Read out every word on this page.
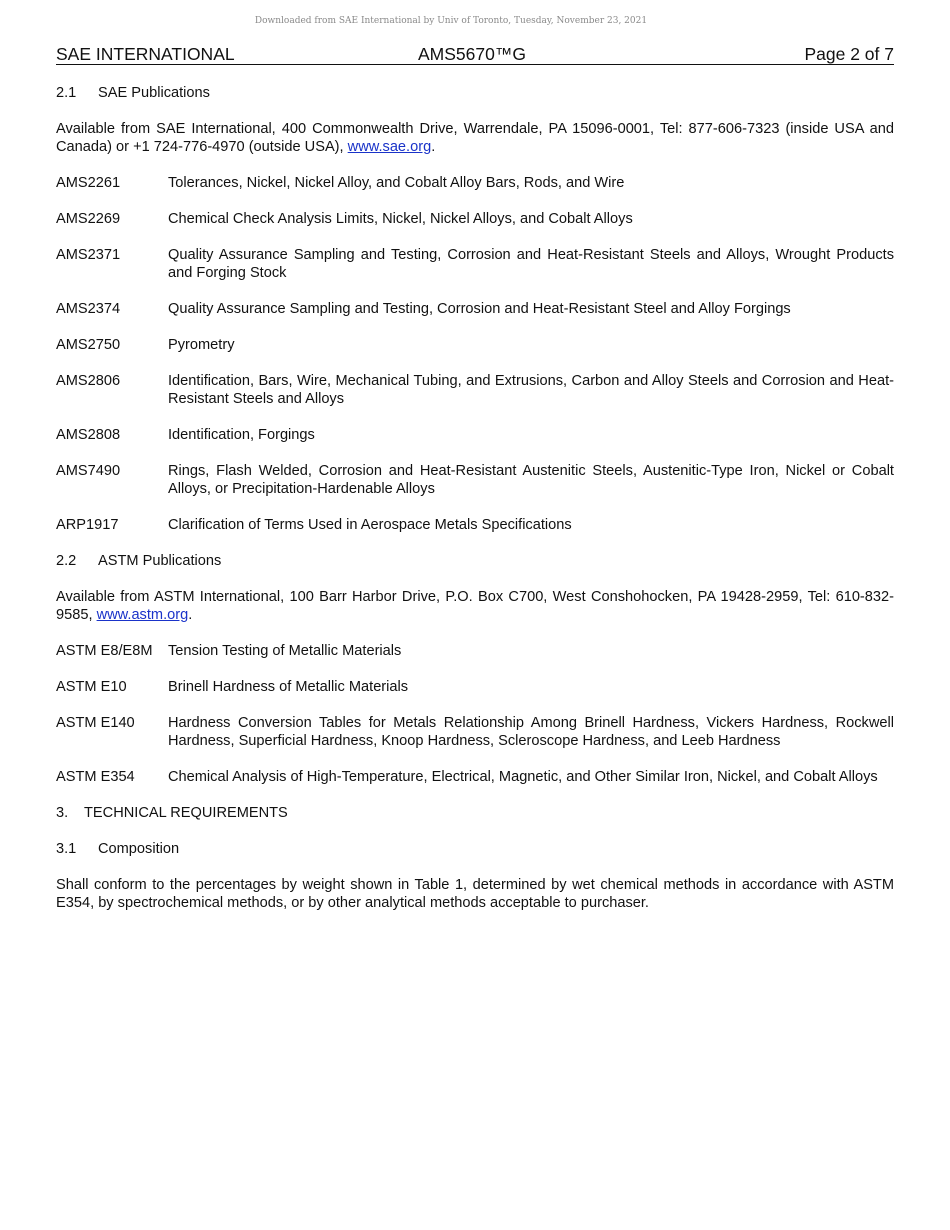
Downloaded from SAE International by Univ of Toronto, Tuesday, November 23, 2021
SAE INTERNATIONAL	AMS5670™G	Page 2 of 7
2.1 SAE Publications
Available from SAE International, 400 Commonwealth Drive, Warrendale, PA 15096-0001, Tel: 877-606-7323 (inside USA and Canada) or +1 724-776-4970 (outside USA), www.sae.org.
AMS2261	Tolerances, Nickel, Nickel Alloy, and Cobalt Alloy Bars, Rods, and Wire
AMS2269	Chemical Check Analysis Limits, Nickel, Nickel Alloys, and Cobalt Alloys
AMS2371	Quality Assurance Sampling and Testing, Corrosion and Heat-Resistant Steels and Alloys, Wrought Products and Forging Stock
AMS2374	Quality Assurance Sampling and Testing, Corrosion and Heat-Resistant Steel and Alloy Forgings
AMS2750	Pyrometry
AMS2806	Identification, Bars, Wire, Mechanical Tubing, and Extrusions, Carbon and Alloy Steels and Corrosion and Heat-Resistant Steels and Alloys
AMS2808	Identification, Forgings
AMS7490	Rings, Flash Welded, Corrosion and Heat-Resistant Austenitic Steels, Austenitic-Type Iron, Nickel or Cobalt Alloys, or Precipitation-Hardenable Alloys
ARP1917	Clarification of Terms Used in Aerospace Metals Specifications
2.2 ASTM Publications
Available from ASTM International, 100 Barr Harbor Drive, P.O. Box C700, West Conshohocken, PA 19428-2959, Tel: 610-832-9585, www.astm.org.
ASTM E8/E8M	Tension Testing of Metallic Materials
ASTM E10	Brinell Hardness of Metallic Materials
ASTM E140	Hardness Conversion Tables for Metals Relationship Among Brinell Hardness, Vickers Hardness, Rockwell Hardness, Superficial Hardness, Knoop Hardness, Scleroscope Hardness, and Leeb Hardness
ASTM E354	Chemical Analysis of High-Temperature, Electrical, Magnetic, and Other Similar Iron, Nickel, and Cobalt Alloys
3. TECHNICAL REQUIREMENTS
3.1 Composition
Shall conform to the percentages by weight shown in Table 1, determined by wet chemical methods in accordance with ASTM E354, by spectrochemical methods, or by other analytical methods acceptable to purchaser.
